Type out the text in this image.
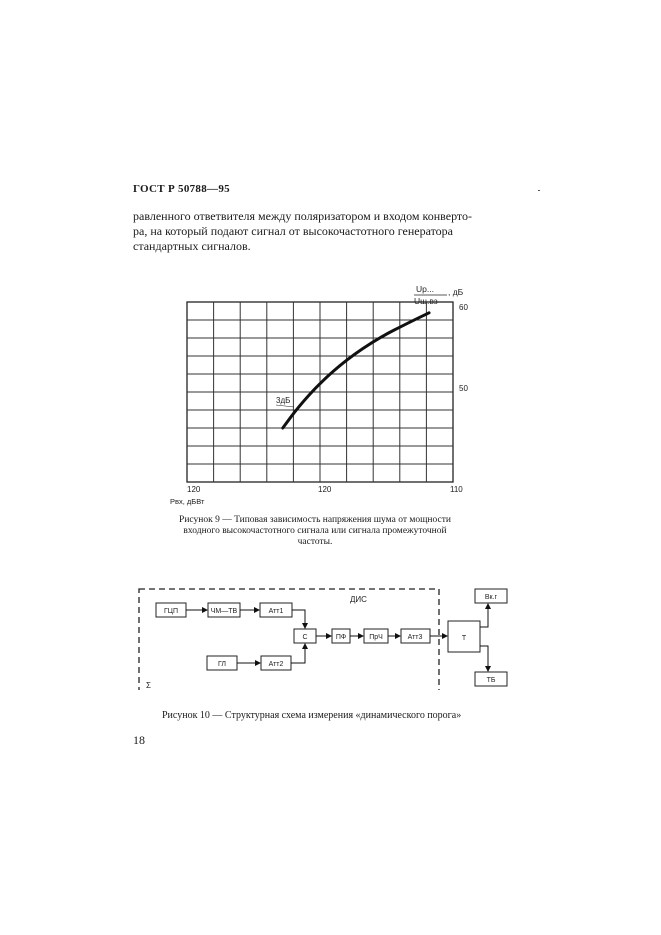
ГОСТ Р 50788—95
равленного ответвителя между поляризатором и входом конверто-
ра, на который подают сигнал от высокочастотного генератора
стандартных сигналов.
Uр...
Uш.вз
, дБ
60
50
3дБ
120	120	110
Pвх, дБВт
Рисунок 9 — Типовая зависимость напряжения шума от мощности входного высокочастотного сигнала или сигнала промежуточной частоты.
ДИС
ГЦП	ЧМ—ТВ	Атт1
С	ПФ	ПрЧ	Атт3
ГЛ	Атт2
Т
Вк.г
ТБ
Σ
Рисунок 10 — Структурная схема измерения «динамического порога»
18
